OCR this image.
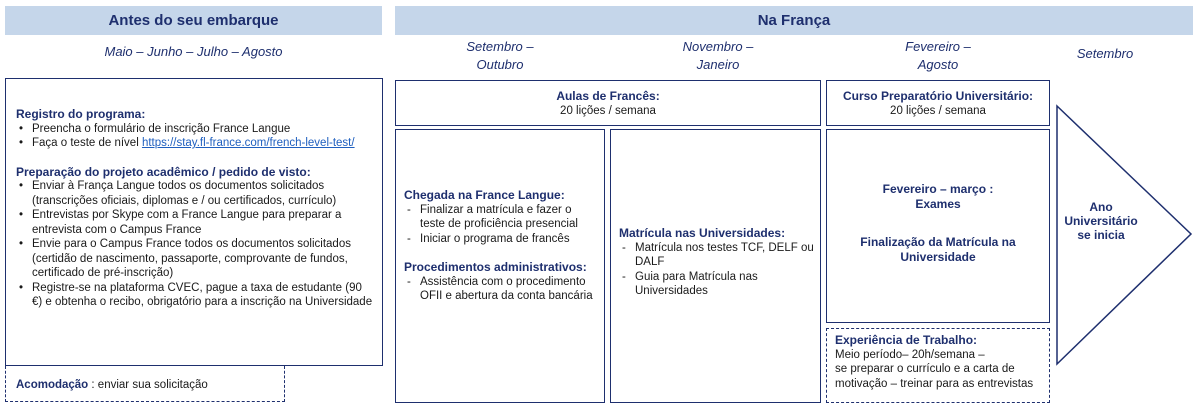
Antes do seu embarque	Na França
Maio – Junho – Julho – Agosto	Setembro –
Outubro
Novembro –
Janeiro
Fevereiro –
Agosto
Setembro
Registro do programa:
• Preencha o formulário de inscrição France Langue
• Faça o teste de nível https://stay.fl-france.com/french-level-test/
Preparação do projeto acadêmico / pedido de visto:
• Enviar à França Langue todos os documentos solicitados (transcrições oficiais, diplomas e / ou certificados, currículo)
• Entrevistas por Skype com a France Langue para preparar a entrevista com o Campus France
• Envie para o Campus France todos os documentos solicitados (certidão de nascimento, passaporte, comprovante de fundos, certificado de pré-inscrição)
• Registre-se na plataforma CVEC, pague a taxa de estudante (90 €) e obtenha o recibo, obrigatório para a inscrição na Universidade
Acomodação : enviar sua solicitação
Aulas de Francês:
20 lições / semana
Curso Preparatório Universitário:
20 lições / semana
Chegada na France Langue:
- Finalizar a matrícula e fazer o teste de proficiência presencial
- Iniciar o programa de francês
Procedimentos administrativos:
- Assistência com o procedimento OFII e abertura da conta bancária
Matrícula nas Universidades:
- Matrícula nos testes TCF, DELF ou DALF
- Guia para Matrícula nas Universidades
Fevereiro – março :
Exames
Finalização da Matrícula na Universidade
Experiência de Trabalho:
Meio período– 20h/semana –
se preparar o currículo e a carta de motivação – treinar para as entrevistas
Ano Universitário se inicia
